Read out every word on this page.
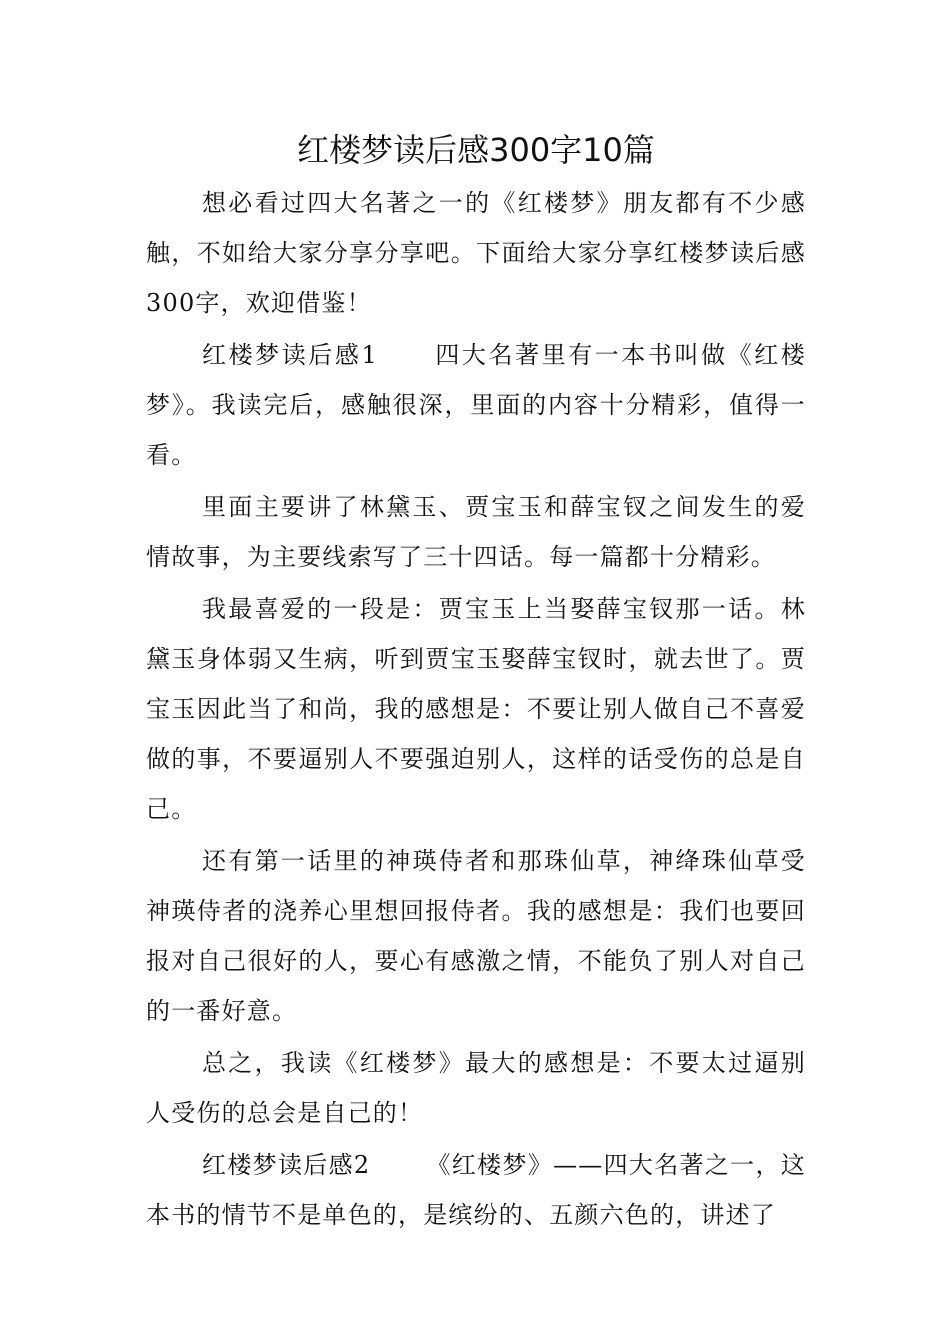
红楼梦读后感300字10篇

想必看过四大名著之一的《红楼梦》朋友都有不少感触，不如给大家分享分享吧。下面给大家分享红楼梦读后感300字，欢迎借鉴！

红楼梦读后感1 四大名著里有一本书叫做《红楼梦》。我读完后，感触很深，里面的内容十分精彩，值得一看。

里面主要讲了林黛玉、贾宝玉和薛宝钗之间发生的爱情故事，为主要线索写了三十四话。每一篇都十分精彩。

我最喜爱的一段是：贾宝玉上当娶薛宝钗那一话。林黛玉身体弱又生病，听到贾宝玉娶薛宝钗时，就去世了。贾宝玉因此当了和尚，我的感想是：不要让别人做自己不喜爱做的事，不要逼别人不要强迫别人，这样的话受伤的总是自己。

还有第一话里的神瑛侍者和那珠仙草，神绛珠仙草受神瑛侍者的浇养心里想回报侍者。我的感想是：我们也要回报对自己很好的人，要心有感激之情，不能负了别人对自己的一番好意。

总之，我读《红楼梦》最大的感想是：不要太过逼别人受伤的总会是自己的！

红楼梦读后感2 《红楼梦》——四大名著之一，这本书的情节不是单色的，是缤纷的、五颜六色的，讲述了
